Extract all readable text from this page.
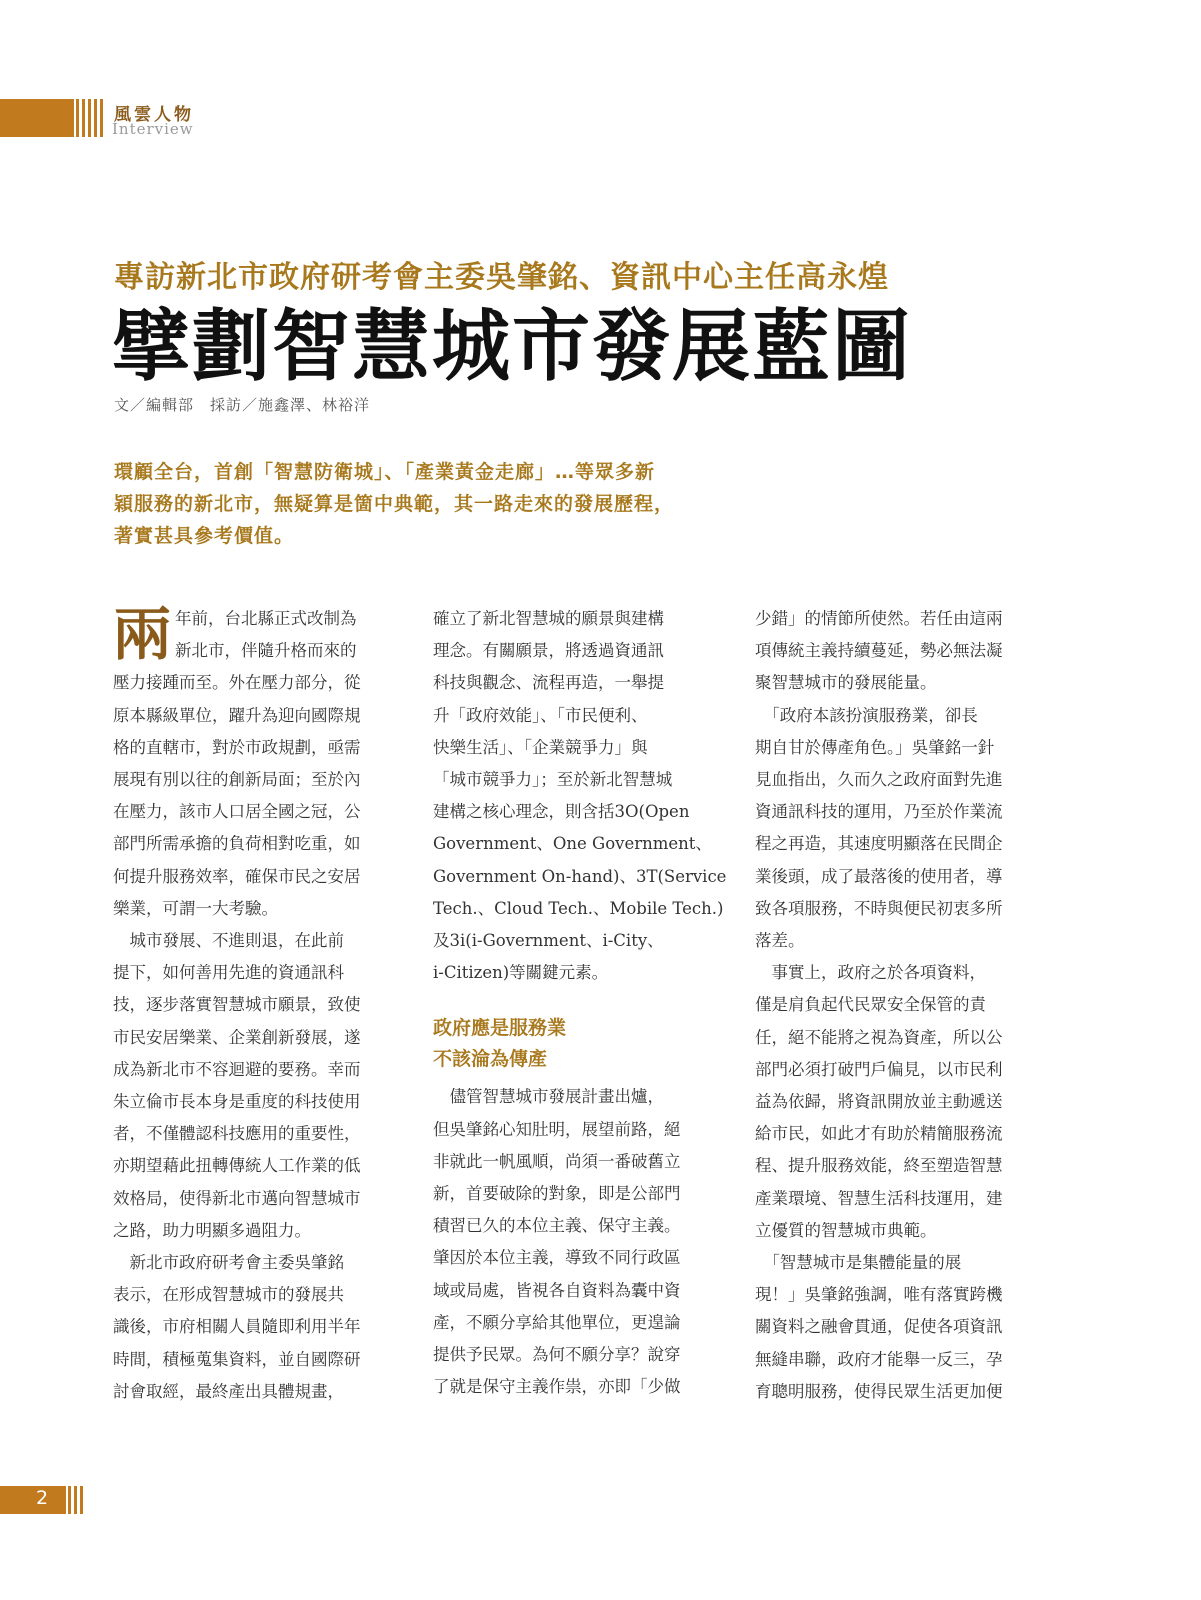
風雲人物
Interview
專訪新北市政府研考會主委吳肇銘、資訊中心主任高永煌
擘劃智慧城市發展藍圖
文／編輯部 採訪／施鑫澤、林裕洋

環顧全台，首創「智慧防衛城」、「產業黃金走廊」…等眾多新

穎服務的新北市，無疑算是箇中典範，其一路走來的發展歷程，

著實甚具參考價值。

兩 年前，台北縣正式改制為

新北市，伴隨升格而來的

壓力接踵而至。外在壓力部分，從

原本縣級單位，躍升為迎向國際規

格的直轄市，對於市政規劃，亟需

展現有別以往的創新局面；至於內

在壓力，該市人口居全國之冠，公

部門所需承擔的負荷相對吃重，如

何提升服務效率，確保市民之安居

樂業，可謂一大考驗。

　城市發展、不進則退，在此前

提下，如何善用先進的資通訊科

技，逐步落實智慧城市願景，致使

市民安居樂業、企業創新發展，遂

成為新北市不容迴避的要務。幸而

朱立倫市長本身是重度的科技使用

者，不僅體認科技應用的重要性，

亦期望藉此扭轉傳統人工作業的低

效格局，使得新北市邁向智慧城市

之路，助力明顯多過阻力。

　新北市政府研考會主委吳肇銘

表示，在形成智慧城市的發展共

識後，市府相關人員隨即利用半年

時間，積極蒐集資料，並自國際研

討會取經，最終產出具體規畫，

確立了新北智慧城的願景與建構

理念。有關願景，將透過資通訊

科技與觀念、流程再造，一舉提

升「政府效能」、「市民便利、

快樂生活」、「企業競爭力」與

「城市競爭力」；至於新北智慧城

建構之核心理念，則含括3O(Open

Government、One Government、

Government On-hand)、3T(Service

Tech.、Cloud Tech.、Mobile Tech.)

及3i(i-Government、i-City、

i-Citizen)等關鍵元素。

政府應是服務業

不該淪為傳產

　儘管智慧城市發展計畫出爐，

但吳肇銘心知肚明，展望前路，絕

非就此一帆風順，尚須一番破舊立

新，首要破除的對象，即是公部門

積習已久的本位主義、保守主義。

肇因於本位主義，導致不同行政區

域或局處，皆視各自資料為囊中資

產，不願分享給其他單位，更遑論

提供予民眾。為何不願分享？說穿

了就是保守主義作祟，亦即「少做

少錯」的情節所使然。若任由這兩

項傳統主義持續蔓延，勢必無法凝

聚智慧城市的發展能量。

　「政府本該扮演服務業，卻長

期自甘於傳產角色。」吳肇銘一針

見血指出，久而久之政府面對先進

資通訊科技的運用，乃至於作業流

程之再造，其速度明顯落在民間企

業後頭，成了最落後的使用者，導

致各項服務，不時與便民初衷多所

落差。

　事實上，政府之於各項資料，

僅是肩負起代民眾安全保管的責

任，絕不能將之視為資產，所以公

部門必須打破門戶偏見，以市民利

益為依歸，將資訊開放並主動遞送

給市民，如此才有助於精簡服務流

程、提升服務效能，終至塑造智慧

產業環境、智慧生活科技運用，建

立優質的智慧城市典範。

　「智慧城市是集體能量的展

現！」吳肇銘強調，唯有落實跨機

關資料之融會貫通，促使各項資訊

無縫串聯，政府才能舉一反三，孕

育聰明服務，使得民眾生活更加便

2
